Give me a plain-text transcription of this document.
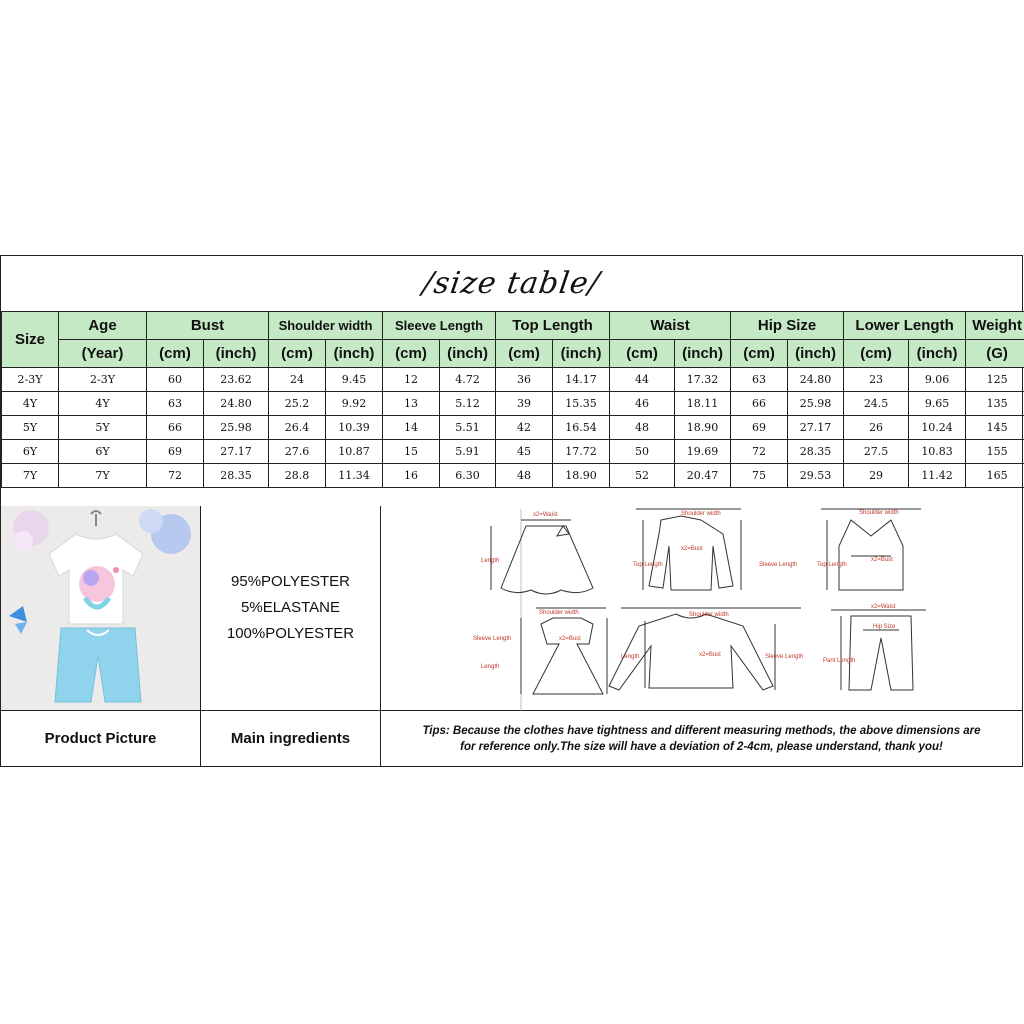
/size table/
Size	Age	Bust		Shoulder width		Sleeve Length		Top Length		Waist		Hip Size		Lower Length		Weight
	(Year)	(cm)	(inch)	(cm)	(inch)	(cm)	(inch)	(cm)	(inch)	(cm)	(inch)	(cm)	(inch)	(cm)	(inch)	(G)
2-3Y	2-3Y	60	23.62	24	9.45	12	4.72	36	14.17	44	17.32	63	24.80	23	9.06	125
4Y	4Y	63	24.80	25.2	9.92	13	5.12	39	15.35	46	18.11	66	25.98	24.5	9.65	135
5Y	5Y	66	25.98	26.4	10.39	14	5.51	42	16.54	48	18.90	69	27.17	26	10.24	145
6Y	6Y	69	27.17	27.6	10.87	15	5.91	45	17.72	50	19.69	72	28.35	27.5	10.83	155
7Y	7Y	72	28.35	28.8	11.34	16	6.30	48	18.90	52	20.47	75	29.53	29	11.42	165
95%POLYESTER
5%ELASTANE
100%POLYESTER
x2=Waist
Length
Shoulder width
x2=Bust
Top Length	Sleeve Length
Shoulder width
Top Length
x2=Bust
Shoulder width
Sleeve Length	x2=Bust
Length
Shoulder width
x2=Bust
Length	Sleeve Length
x2=Waist
Hip Size
Pant Length
Product Picture	Main ingredients	Tips: Because the clothes have tightness and different measuring methods, the above dimensions are
for reference only.The size will have a deviation of 2-4cm, please understand, thank you!
